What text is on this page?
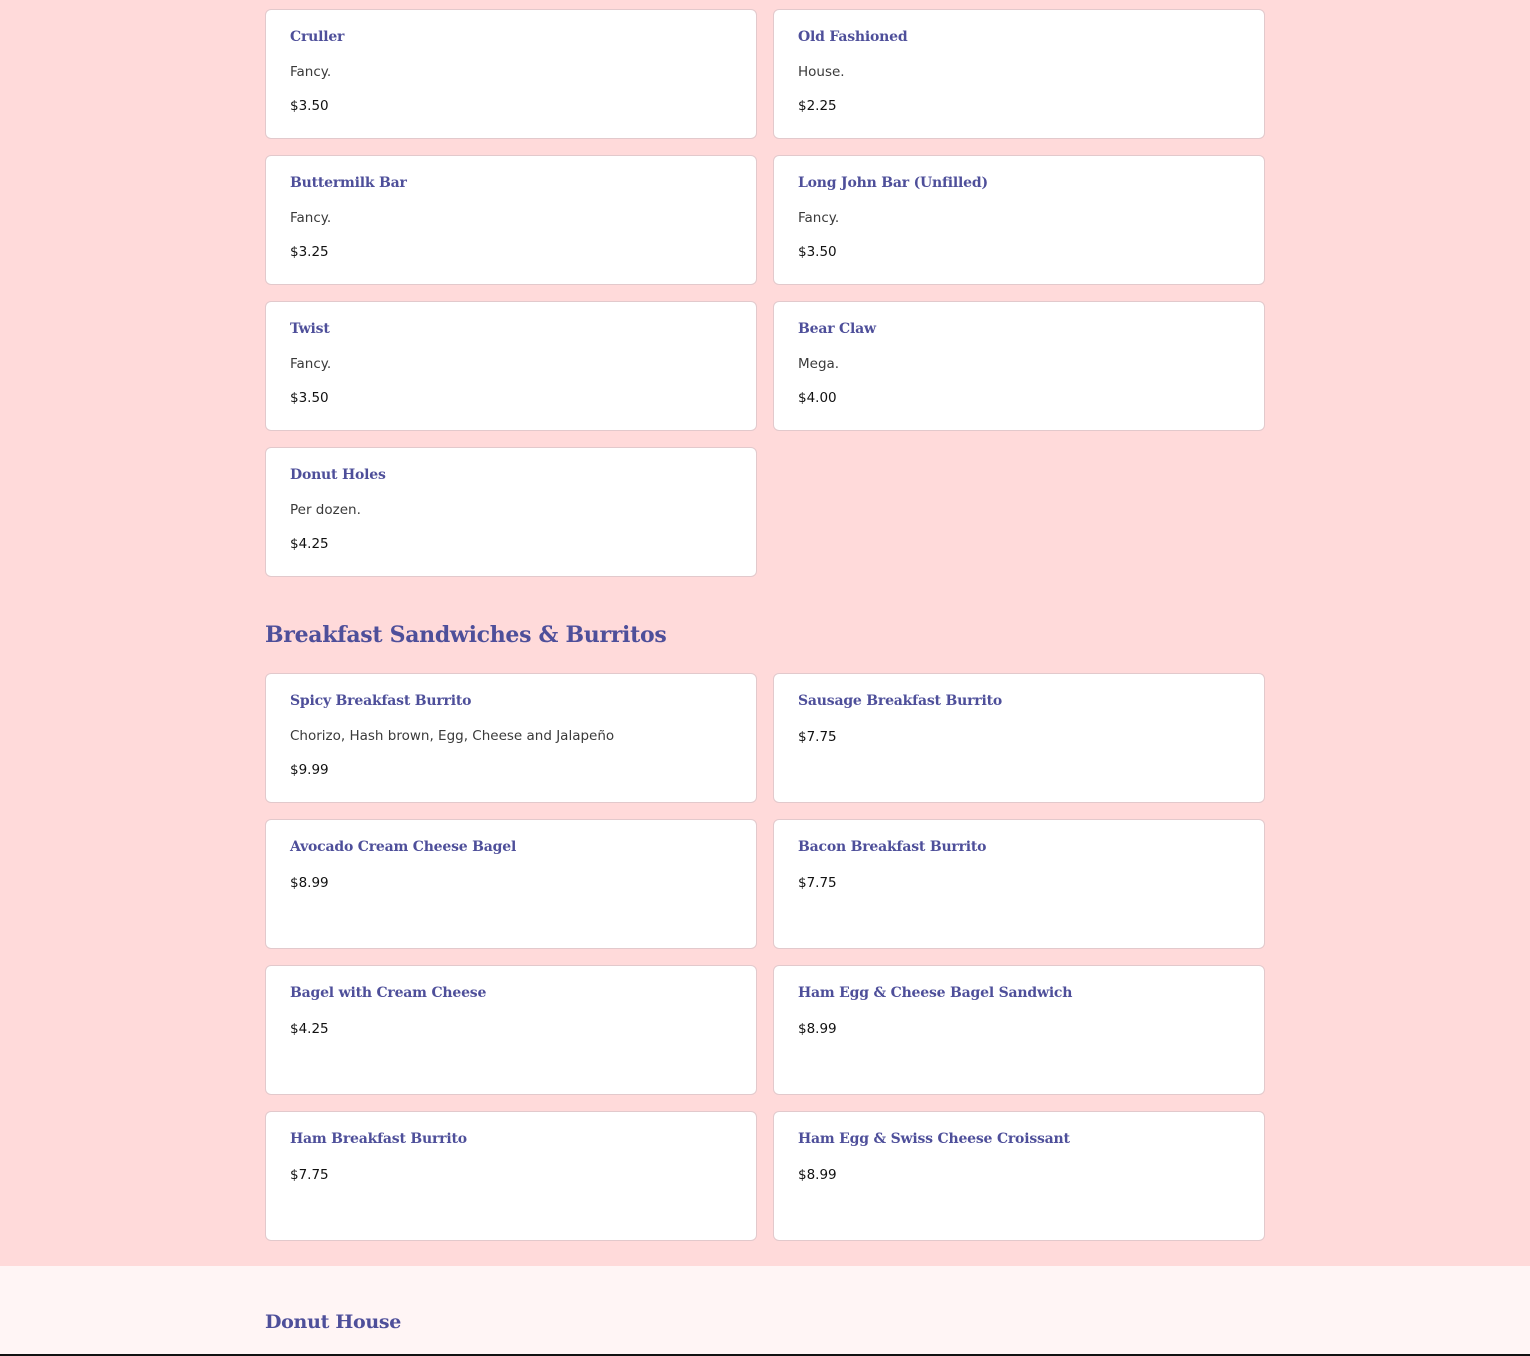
Cruller
Fancy.
$3.50
Old Fashioned
House.
$2.25
Buttermilk Bar
Fancy.
$3.25
Long John Bar (Unfilled)
Fancy.
$3.50
Twist
Fancy.
$3.50
Bear Claw
Mega.
$4.00
Donut Holes
Per dozen.
$4.25
Breakfast Sandwiches & Burritos
Spicy Breakfast Burrito
Chorizo, Hash brown, Egg, Cheese and Jalapeño
$9.99
Sausage Breakfast Burrito
$7.75
Avocado Cream Cheese Bagel
$8.99
Bacon Breakfast Burrito
$7.75
Bagel with Cream Cheese
$4.25
Ham Egg & Cheese Bagel Sandwich
$8.99
Ham Breakfast Burrito
$7.75
Ham Egg & Swiss Cheese Croissant
$8.99
Donut House
